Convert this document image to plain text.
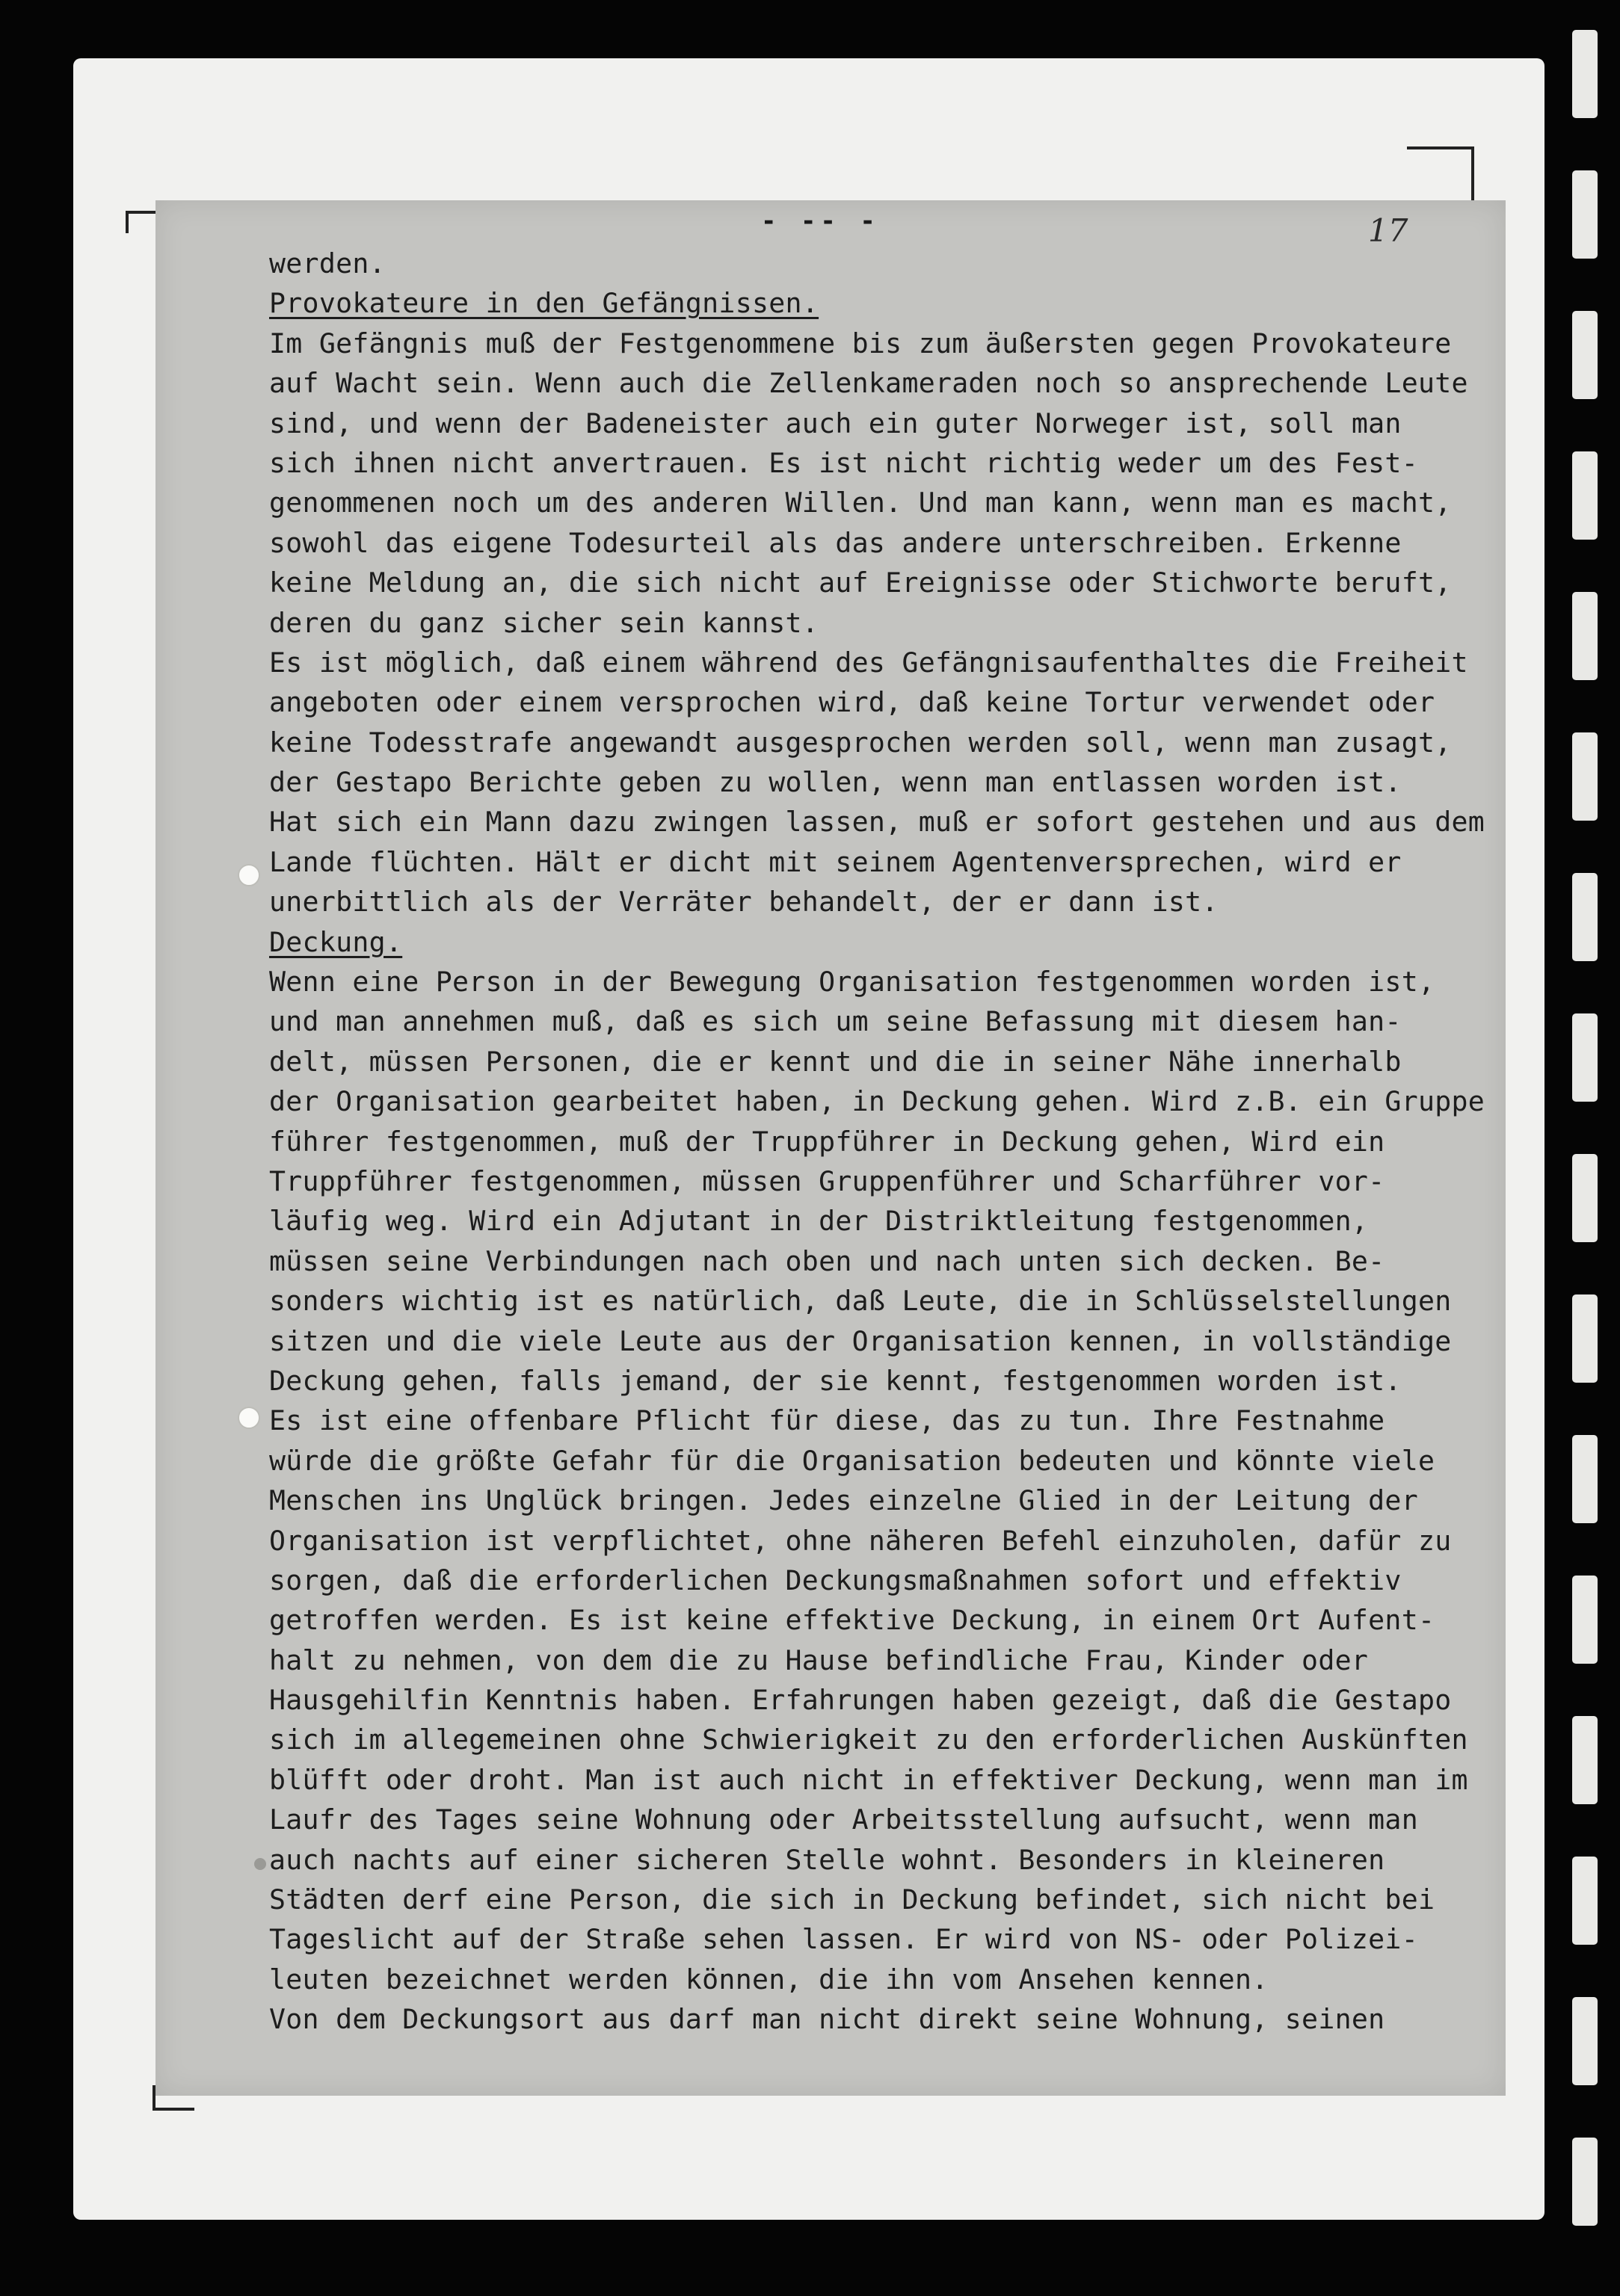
- -- -	17
werden.
Provokateure in den Gefängnissen.
Im Gefängnis muß der Festgenommene bis zum äußersten gegen Provokateure
auf Wacht sein. Wenn auch die Zellenkameraden noch so ansprechende Leute
sind, und wenn der Badeneister auch ein guter Norweger ist, soll man
sich ihnen nicht anvertrauen. Es ist nicht richtig weder um des Fest-
genommenen noch um des anderen Willen. Und man kann, wenn man es macht,
sowohl das eigene Todesurteil als das andere unterschreiben. Erkenne
keine Meldung an, die sich nicht auf Ereignisse oder Stichworte beruft,
deren du ganz sicher sein kannst.
Es ist möglich, daß einem während des Gefängnisaufenthaltes die Freiheit
angeboten oder einem versprochen wird, daß keine Tortur verwendet oder
keine Todesstrafe angewandt ausgesprochen werden soll, wenn man zusagt,
der Gestapo Berichte geben zu wollen, wenn man entlassen worden ist.
Hat sich ein Mann dazu zwingen lassen, muß er sofort gestehen und aus dem
Lande flüchten. Hält er dicht mit seinem Agentenversprechen, wird er
unerbittlich als der Verräter behandelt, der er dann ist.
Deckung.
Wenn eine Person in der Bewegung Organisation festgenommen worden ist,
und man annehmen muß, daß es sich um seine Befassung mit diesem han-
delt, müssen Personen, die er kennt und die in seiner Nähe innerhalb
der Organisation gearbeitet haben, in Deckung gehen. Wird z.B. ein Gruppe
führer festgenommen, muß der Truppführer in Deckung gehen, Wird ein
Truppführer festgenommen, müssen Gruppenführer und Scharführer vor-
läufig weg. Wird ein Adjutant in der Distriktleitung festgenommen,
müssen seine Verbindungen nach oben und nach unten sich decken. Be-
sonders wichtig ist es natürlich, daß Leute, die in Schlüsselstellungen
sitzen und die viele Leute aus der Organisation kennen, in vollständige
Deckung gehen, falls jemand, der sie kennt, festgenommen worden ist.
Es ist eine offenbare Pflicht für diese, das zu tun. Ihre Festnahme
würde die größte Gefahr für die Organisation bedeuten und könnte viele
Menschen ins Unglück bringen. Jedes einzelne Glied in der Leitung der
Organisation ist verpflichtet, ohne näheren Befehl einzuholen, dafür zu
sorgen, daß die erforderlichen Deckungsmaßnahmen sofort und effektiv
getroffen werden. Es ist keine effektive Deckung, in einem Ort Aufent-
halt zu nehmen, von dem die zu Hause befindliche Frau, Kinder oder
Hausgehilfin Kenntnis haben. Erfahrungen haben gezeigt, daß die Gestapo
sich im allegemeinen ohne Schwierigkeit zu den erforderlichen Auskünften
blüfft oder droht. Man ist auch nicht in effektiver Deckung, wenn man im
Laufr des Tages seine Wohnung oder Arbeitsstellung aufsucht, wenn man
auch nachts auf einer sicheren Stelle wohnt. Besonders in kleineren
Städten derf eine Person, die sich in Deckung befindet, sich nicht bei
Tageslicht auf der Straße sehen lassen. Er wird von NS- oder Polizei-
leuten bezeichnet werden können, die ihn vom Ansehen kennen.
Von dem Deckungsort aus darf man nicht direkt seine Wohnung, seinen
